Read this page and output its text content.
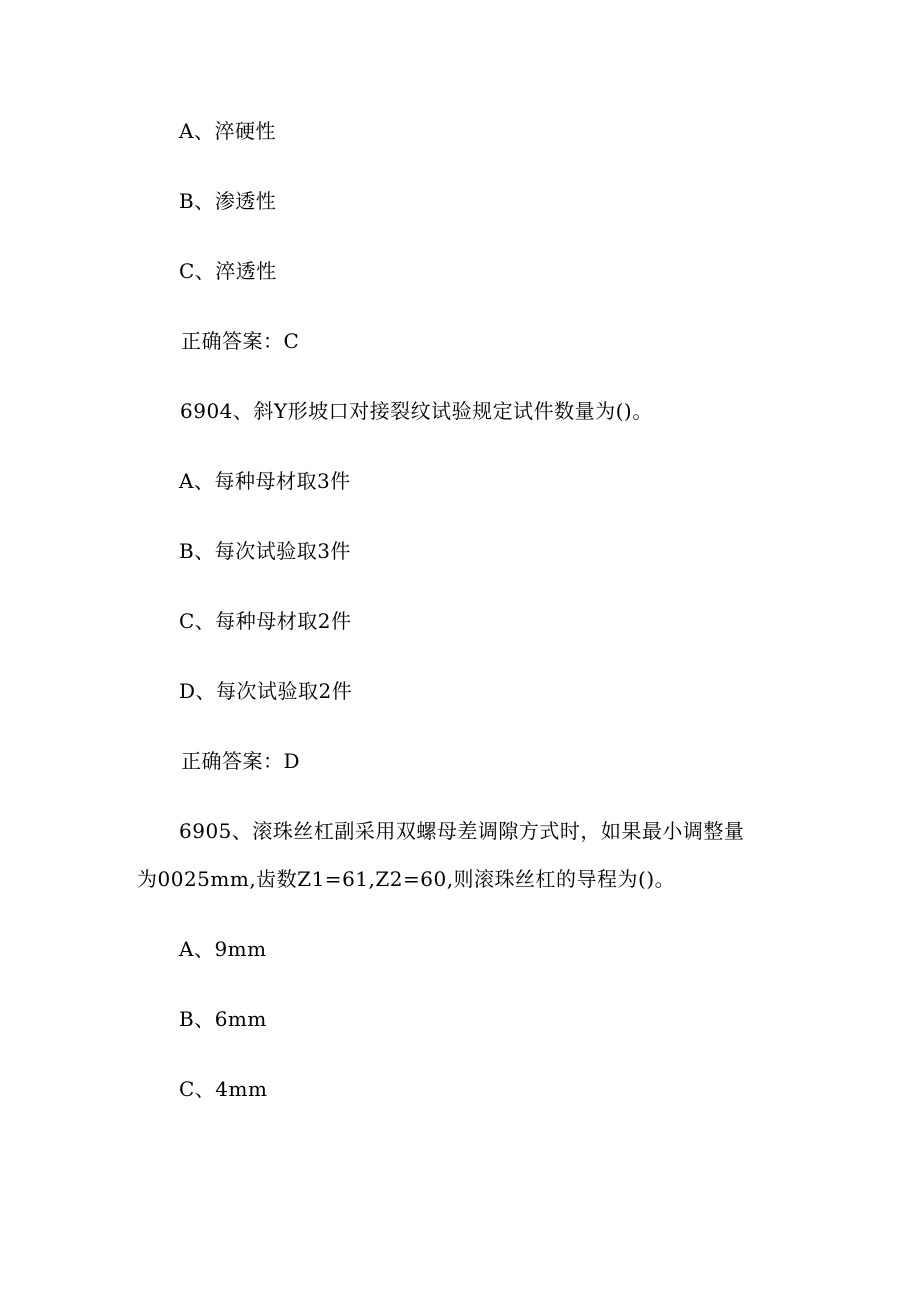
A、淬硬性
B、渗透性
C、淬透性
正确答案：C
6904、斜Y形坡口对接裂纹试验规定试件数量为()。
A、每种母材取3件
B、每次试验取3件
C、每种母材取2件
D、每次试验取2件
正确答案：D
6905、滚珠丝杠副采用双螺母差调隙方式时，如果最小调整量
为0025mm,齿数Z1=61,Z2=60,则滚珠丝杠的导程为()。
A、9mm
B、6mm
C、4mm
